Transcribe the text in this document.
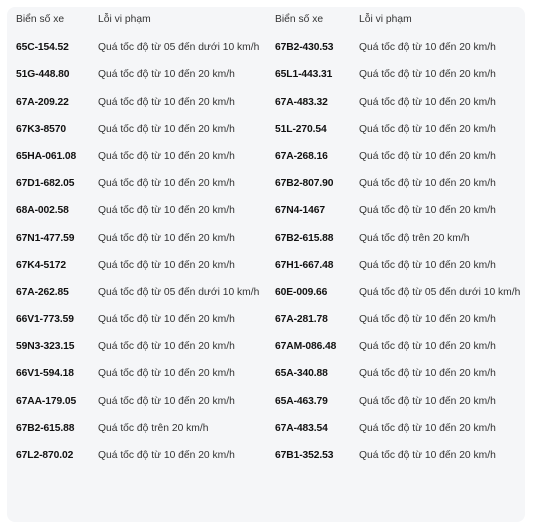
Biển số xe	Lỗi vi phạm	Biển số xe	Lỗi vi phạm
65C-154.52	Quá tốc độ từ 05 đến dưới 10 km/h	67B2-430.53	Quá tốc độ từ 10 đến 20 km/h
51G-448.80	Quá tốc độ từ 10 đến 20 km/h	65L1-443.31	Quá tốc độ từ 10 đến 20 km/h
67A-209.22	Quá tốc độ từ 10 đến 20 km/h	67A-483.32	Quá tốc độ từ 10 đến 20 km/h
67K3-8570	Quá tốc độ từ 10 đến 20 km/h	51L-270.54	Quá tốc độ từ 10 đến 20 km/h
65HA-061.08	Quá tốc độ từ 10 đến 20 km/h	67A-268.16	Quá tốc độ từ 10 đến 20 km/h
67D1-682.05	Quá tốc độ từ 10 đến 20 km/h	67B2-807.90	Quá tốc độ từ 10 đến 20 km/h
68A-002.58	Quá tốc độ từ 10 đến 20 km/h	67N4-1467	Quá tốc độ từ 10 đến 20 km/h
67N1-477.59	Quá tốc độ từ 10 đến 20 km/h	67B2-615.88	Quá tốc độ trên 20 km/h
67K4-5172	Quá tốc độ từ 10 đến 20 km/h	67H1-667.48	Quá tốc độ từ 10 đến 20 km/h
67A-262.85	Quá tốc độ từ 05 đến dưới 10 km/h	60E-009.66	Quá tốc độ từ 05 đến dưới 10 km/h
66V1-773.59	Quá tốc độ từ 10 đến 20 km/h	67A-281.78	Quá tốc độ từ 10 đến 20 km/h
59N3-323.15	Quá tốc độ từ 10 đến 20 km/h	67AM-086.48	Quá tốc độ từ 10 đến 20 km/h
66V1-594.18	Quá tốc độ từ 10 đến 20 km/h	65A-340.88	Quá tốc độ từ 10 đến 20 km/h
67AA-179.05	Quá tốc độ từ 10 đến 20 km/h	65A-463.79	Quá tốc độ từ 10 đến 20 km/h
67B2-615.88	Quá tốc độ trên 20 km/h	67A-483.54	Quá tốc độ từ 10 đến 20 km/h
67L2-870.02	Quá tốc độ từ 10 đến 20 km/h	67B1-352.53	Quá tốc độ từ 10 đến 20 km/h
